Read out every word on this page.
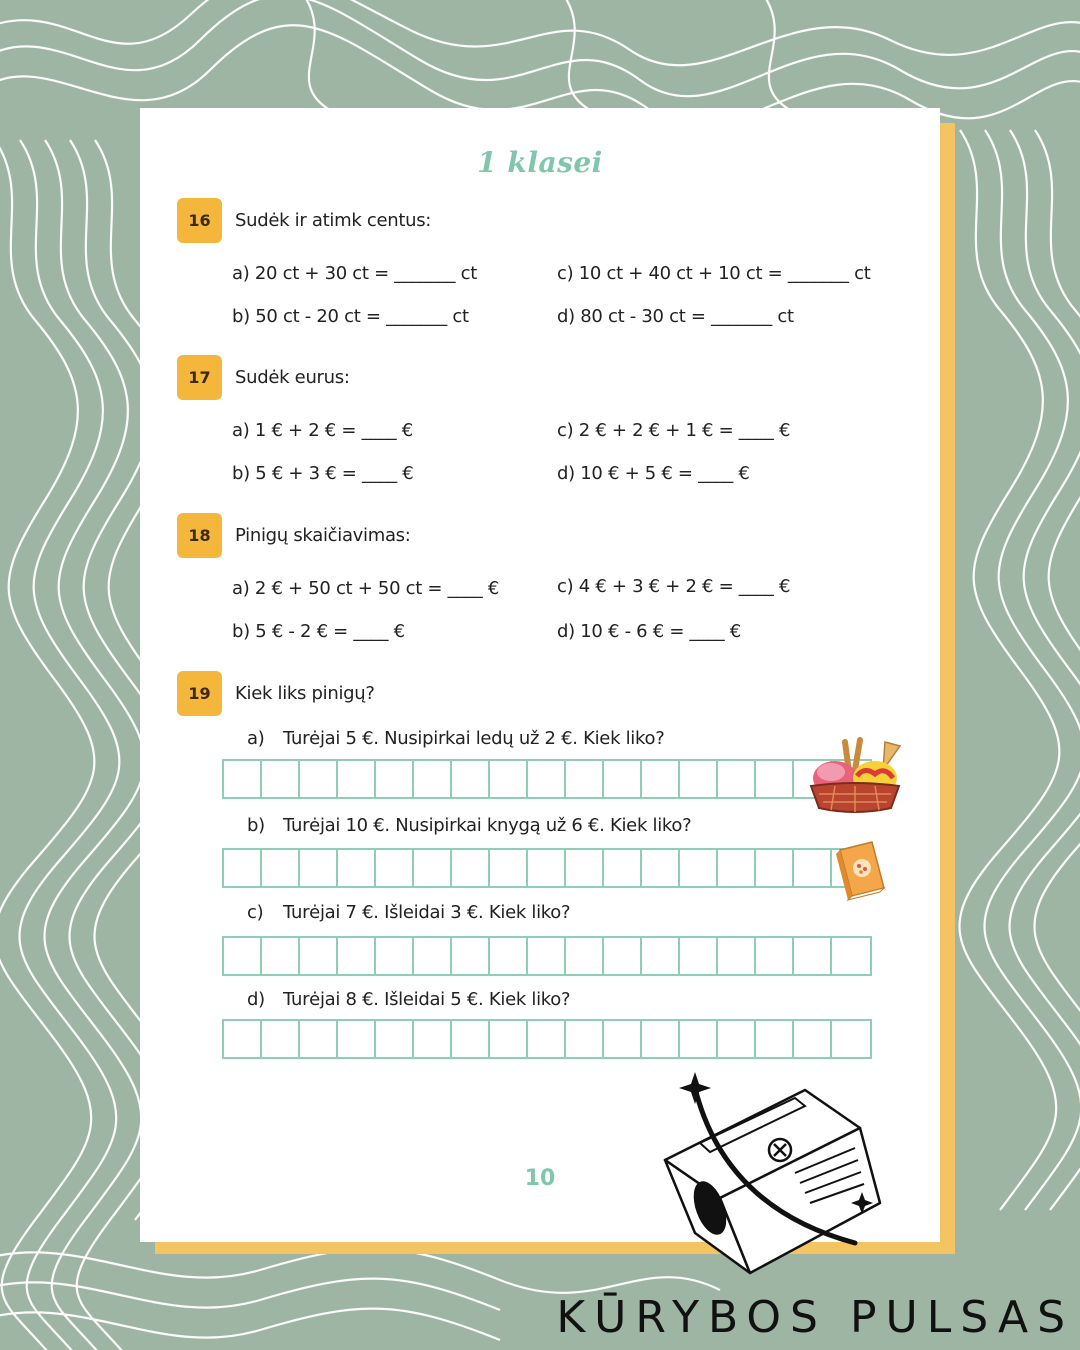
1 klasei
16	Sudėk ir atimk centus:
a) 20 ct + 30 ct = _______ ct
b) 50 ct - 20 ct = _______ ct
c) 10 ct + 40 ct + 10 ct = _______ ct
d) 80 ct - 30 ct = _______ ct
17	Sudėk eurus:
a) 1 € + 2 € = ____ €
b) 5 € + 3 € = ____ €
c) 2 € + 2 € + 1 € = ____ €
d) 10 € + 5 € = ____ €
18	Pinigų skaičiavimas:
a) 2 € + 50 ct + 50 ct = ____ €
b) 5 € - 2 € = ____ €
c) 4 € + 3 € + 2 € = ____ €
d) 10 € - 6 € = ____ €
19	Kiek liks pinigų?
a) Turėjai 5 €. Nusipirkai ledų už 2 €. Kiek liko?
b) Turėjai 10 €. Nusipirkai knygą už 6 €. Kiek liko?
c) Turėjai 7 €. Išleidai 3 €. Kiek liko?
d) Turėjai 8 €. Išleidai 5 €. Kiek liko?
10
KŪRYBOS PULSAS
